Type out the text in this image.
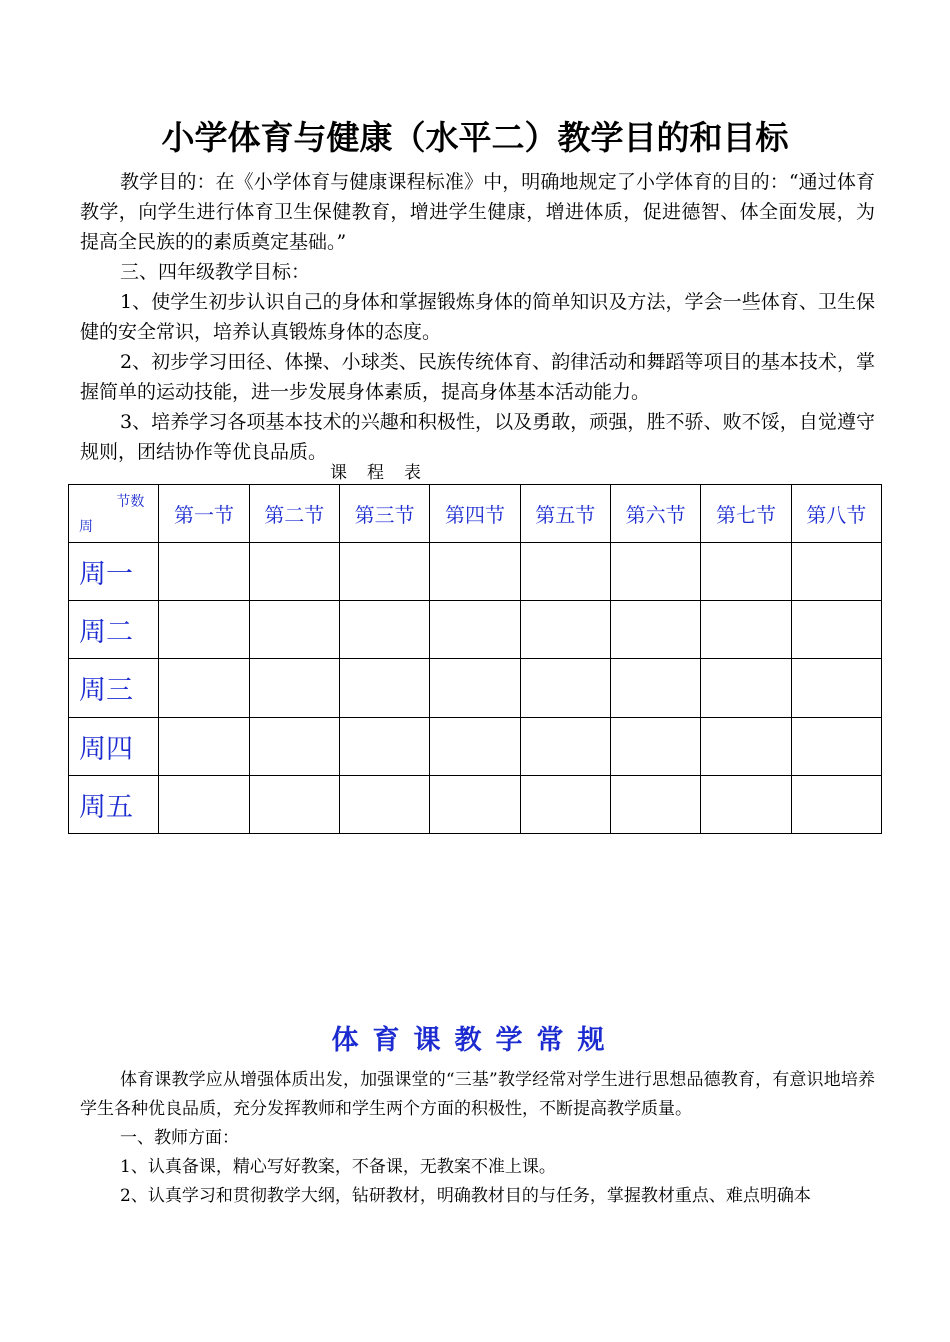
小学体育与健康（水平二）教学目的和目标

教学目的：在《小学体育与健康课程标准》中，明确地规定了小学体育的目的：“通过体育教学，向学生进行体育卫生保健教育，增进学生健康，增进体质，促进德智、体全面发展，为提高全民族的的素质奠定基础。”

三、四年级教学目标：

1、使学生初步认识自己的身体和掌握锻炼身体的简单知识及方法，学会一些体育、卫生保健的安全常识，培养认真锻炼身体的态度。

2、初步学习田径、体操、小球类、民族传统体育、韵律活动和舞蹈等项目的基本技术，掌握简单的运动技能，进一步发展身体素质，提高身体基本活动能力。

3、培养学习各项基本技术的兴趣和积极性，以及勇敢，顽强，胜不骄、败不馁，自觉遵守规则，团结协作等优良品质。

课程表
节数
周	第一节	第二节	第三节	第四节	第五节	第六节	第七节	第八节
周一								
周二								
周三								
周四								
周五								
体育课教学常规

体育课教学应从增强体质出发，加强课堂的“三基”教学经常对学生进行思想品德教育，有意识地培养学生各种优良品质，充分发挥教师和学生两个方面的积极性，不断提高教学质量。

一、教师方面：

1、认真备课，精心写好教案，不备课，无教案不准上课。

2、认真学习和贯彻教学大纲，钻研教材，明确教材目的与任务，掌握教材重点、难点明确本
